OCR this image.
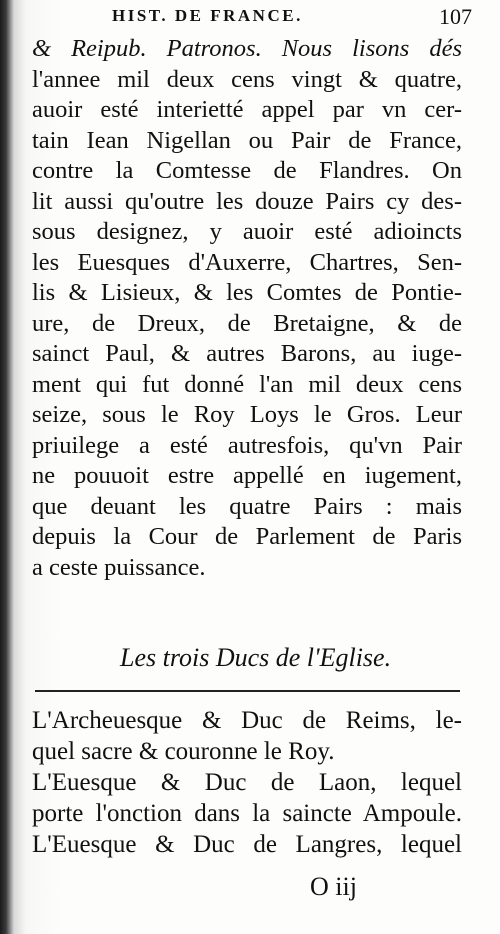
HIST. DE FRANCE.	107
& Reipub. Patronos. Nous lisons dés
l'annee mil deux cens vingt & quatre,
auoir esté interietté appel par vn cer-
tain Iean Nigellan ou Pair de France,
contre la Comtesse de Flandres. On
lit aussi qu'outre les douze Pairs cy des-
sous designez, y auoir esté adioincts
les Euesques d'Auxerre, Chartres, Sen-
lis & Lisieux, & les Comtes de Pontie-
ure, de Dreux, de Bretaigne, & de
sainct Paul, & autres Barons, au iuge-
ment qui fut donné l'an mil deux cens
seize, sous le Roy Loys le Gros. Leur
priuilege a esté autresfois, qu'vn Pair
ne pouuoit estre appellé en iugement,
que deuant les quatre Pairs : mais
depuis la Cour de Parlement de Paris
a ceste puissance.
Les trois Ducs de l'Eglise.
L'Archeuesque & Duc de Reims, le-
quel sacre & couronne le Roy.
L'Euesque & Duc de Laon, lequel
porte l'onction dans la saincte Ampoule.
L'Euesque & Duc de Langres, lequel
O iij
